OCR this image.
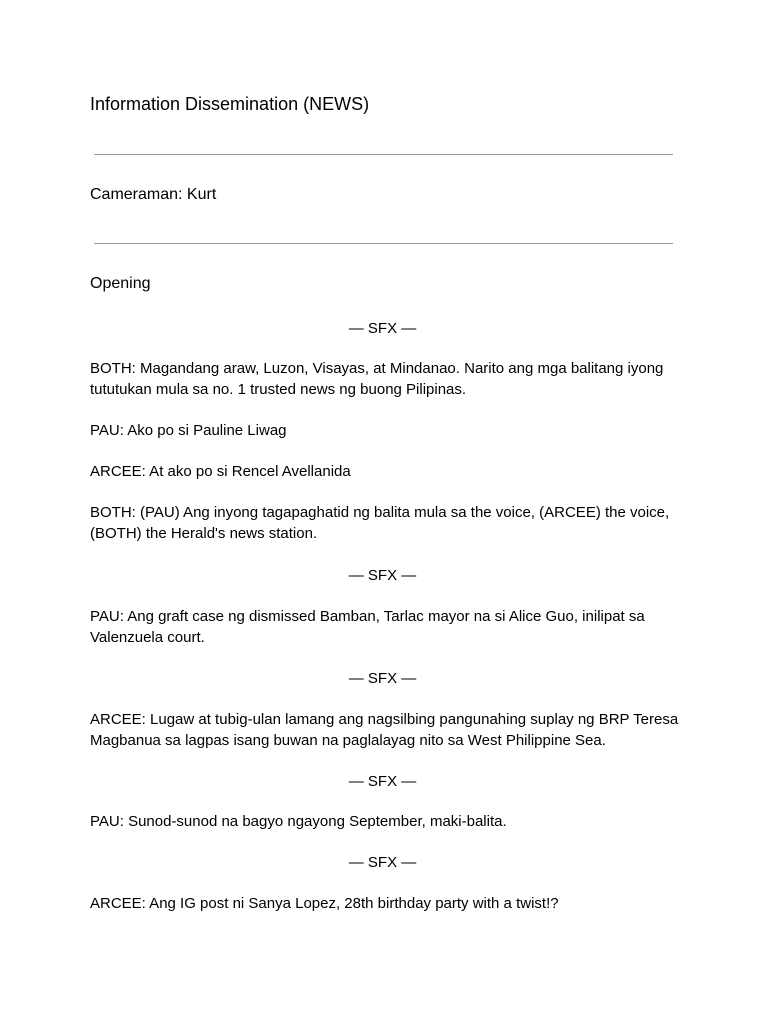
Information Dissemination (NEWS)
Cameraman: Kurt
Opening
— SFX —
BOTH: Magandang araw, Luzon, Visayas, at Mindanao. Narito ang mga balitang iyong tututukan mula sa no. 1 trusted news ng buong Pilipinas.
PAU: Ako po si Pauline Liwag
ARCEE: At ako po si Rencel Avellanida
BOTH: (PAU) Ang inyong tagapaghatid ng balita mula sa the voice, (ARCEE) the voice, (BOTH) the Herald's news station.
— SFX —
PAU: Ang graft case ng dismissed Bamban, Tarlac mayor na si Alice Guo, inilipat sa Valenzuela court.
— SFX —
ARCEE: Lugaw at tubig-ulan lamang ang nagsilbing pangunahing suplay ng BRP Teresa Magbanua sa lagpas isang buwan na paglalayag nito sa West Philippine Sea.
— SFX —
PAU: Sunod-sunod na bagyo ngayong September, maki-balita.
— SFX —
ARCEE: Ang IG post ni Sanya Lopez, 28th birthday party with a twist!?
